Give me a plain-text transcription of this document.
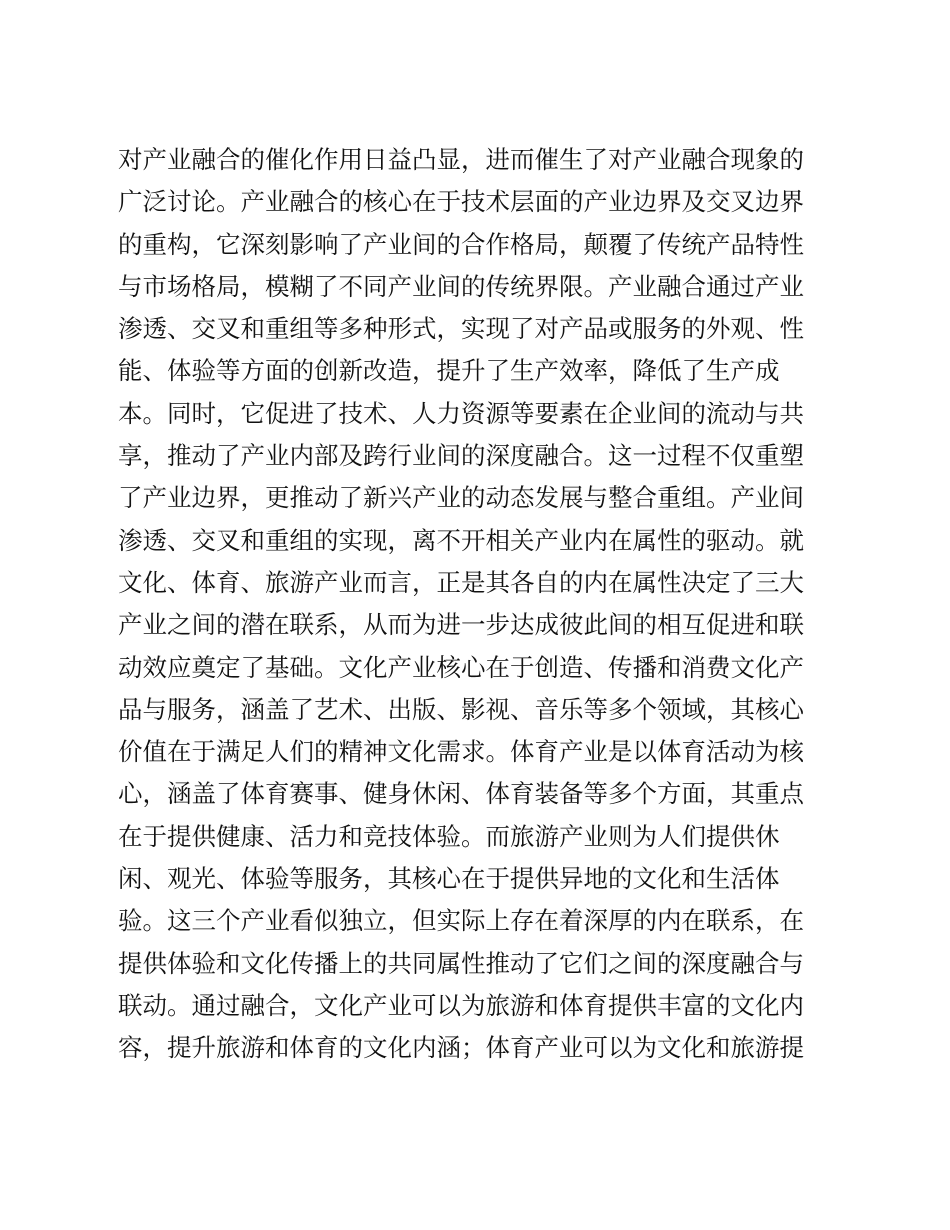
对产业融合的催化作用日益凸显，进而催生了对产业融合现象的
广泛讨论。产业融合的核心在于技术层面的产业边界及交叉边界
的重构，它深刻影响了产业间的合作格局，颠覆了传统产品特性
与市场格局，模糊了不同产业间的传统界限。产业融合通过产业
渗透、交叉和重组等多种形式，实现了对产品或服务的外观、性
能、体验等方面的创新改造，提升了生产效率，降低了生产成
本。同时，它促进了技术、人力资源等要素在企业间的流动与共
享，推动了产业内部及跨行业间的深度融合。这一过程不仅重塑
了产业边界，更推动了新兴产业的动态发展与整合重组。产业间
渗透、交叉和重组的实现，离不开相关产业内在属性的驱动。就
文化、体育、旅游产业而言，正是其各自的内在属性决定了三大
产业之间的潜在联系，从而为进一步达成彼此间的相互促进和联
动效应奠定了基础。文化产业核心在于创造、传播和消费文化产
品与服务，涵盖了艺术、出版、影视、音乐等多个领域，其核心
价值在于满足人们的精神文化需求。体育产业是以体育活动为核
心，涵盖了体育赛事、健身休闲、体育装备等多个方面，其重点
在于提供健康、活力和竞技体验。而旅游产业则为人们提供休
闲、观光、体验等服务，其核心在于提供异地的文化和生活体
验。这三个产业看似独立，但实际上存在着深厚的内在联系，在
提供体验和文化传播上的共同属性推动了它们之间的深度融合与
联动。通过融合，文化产业可以为旅游和体育提供丰富的文化内
容，提升旅游和体育的文化内涵；体育产业可以为文化和旅游提
